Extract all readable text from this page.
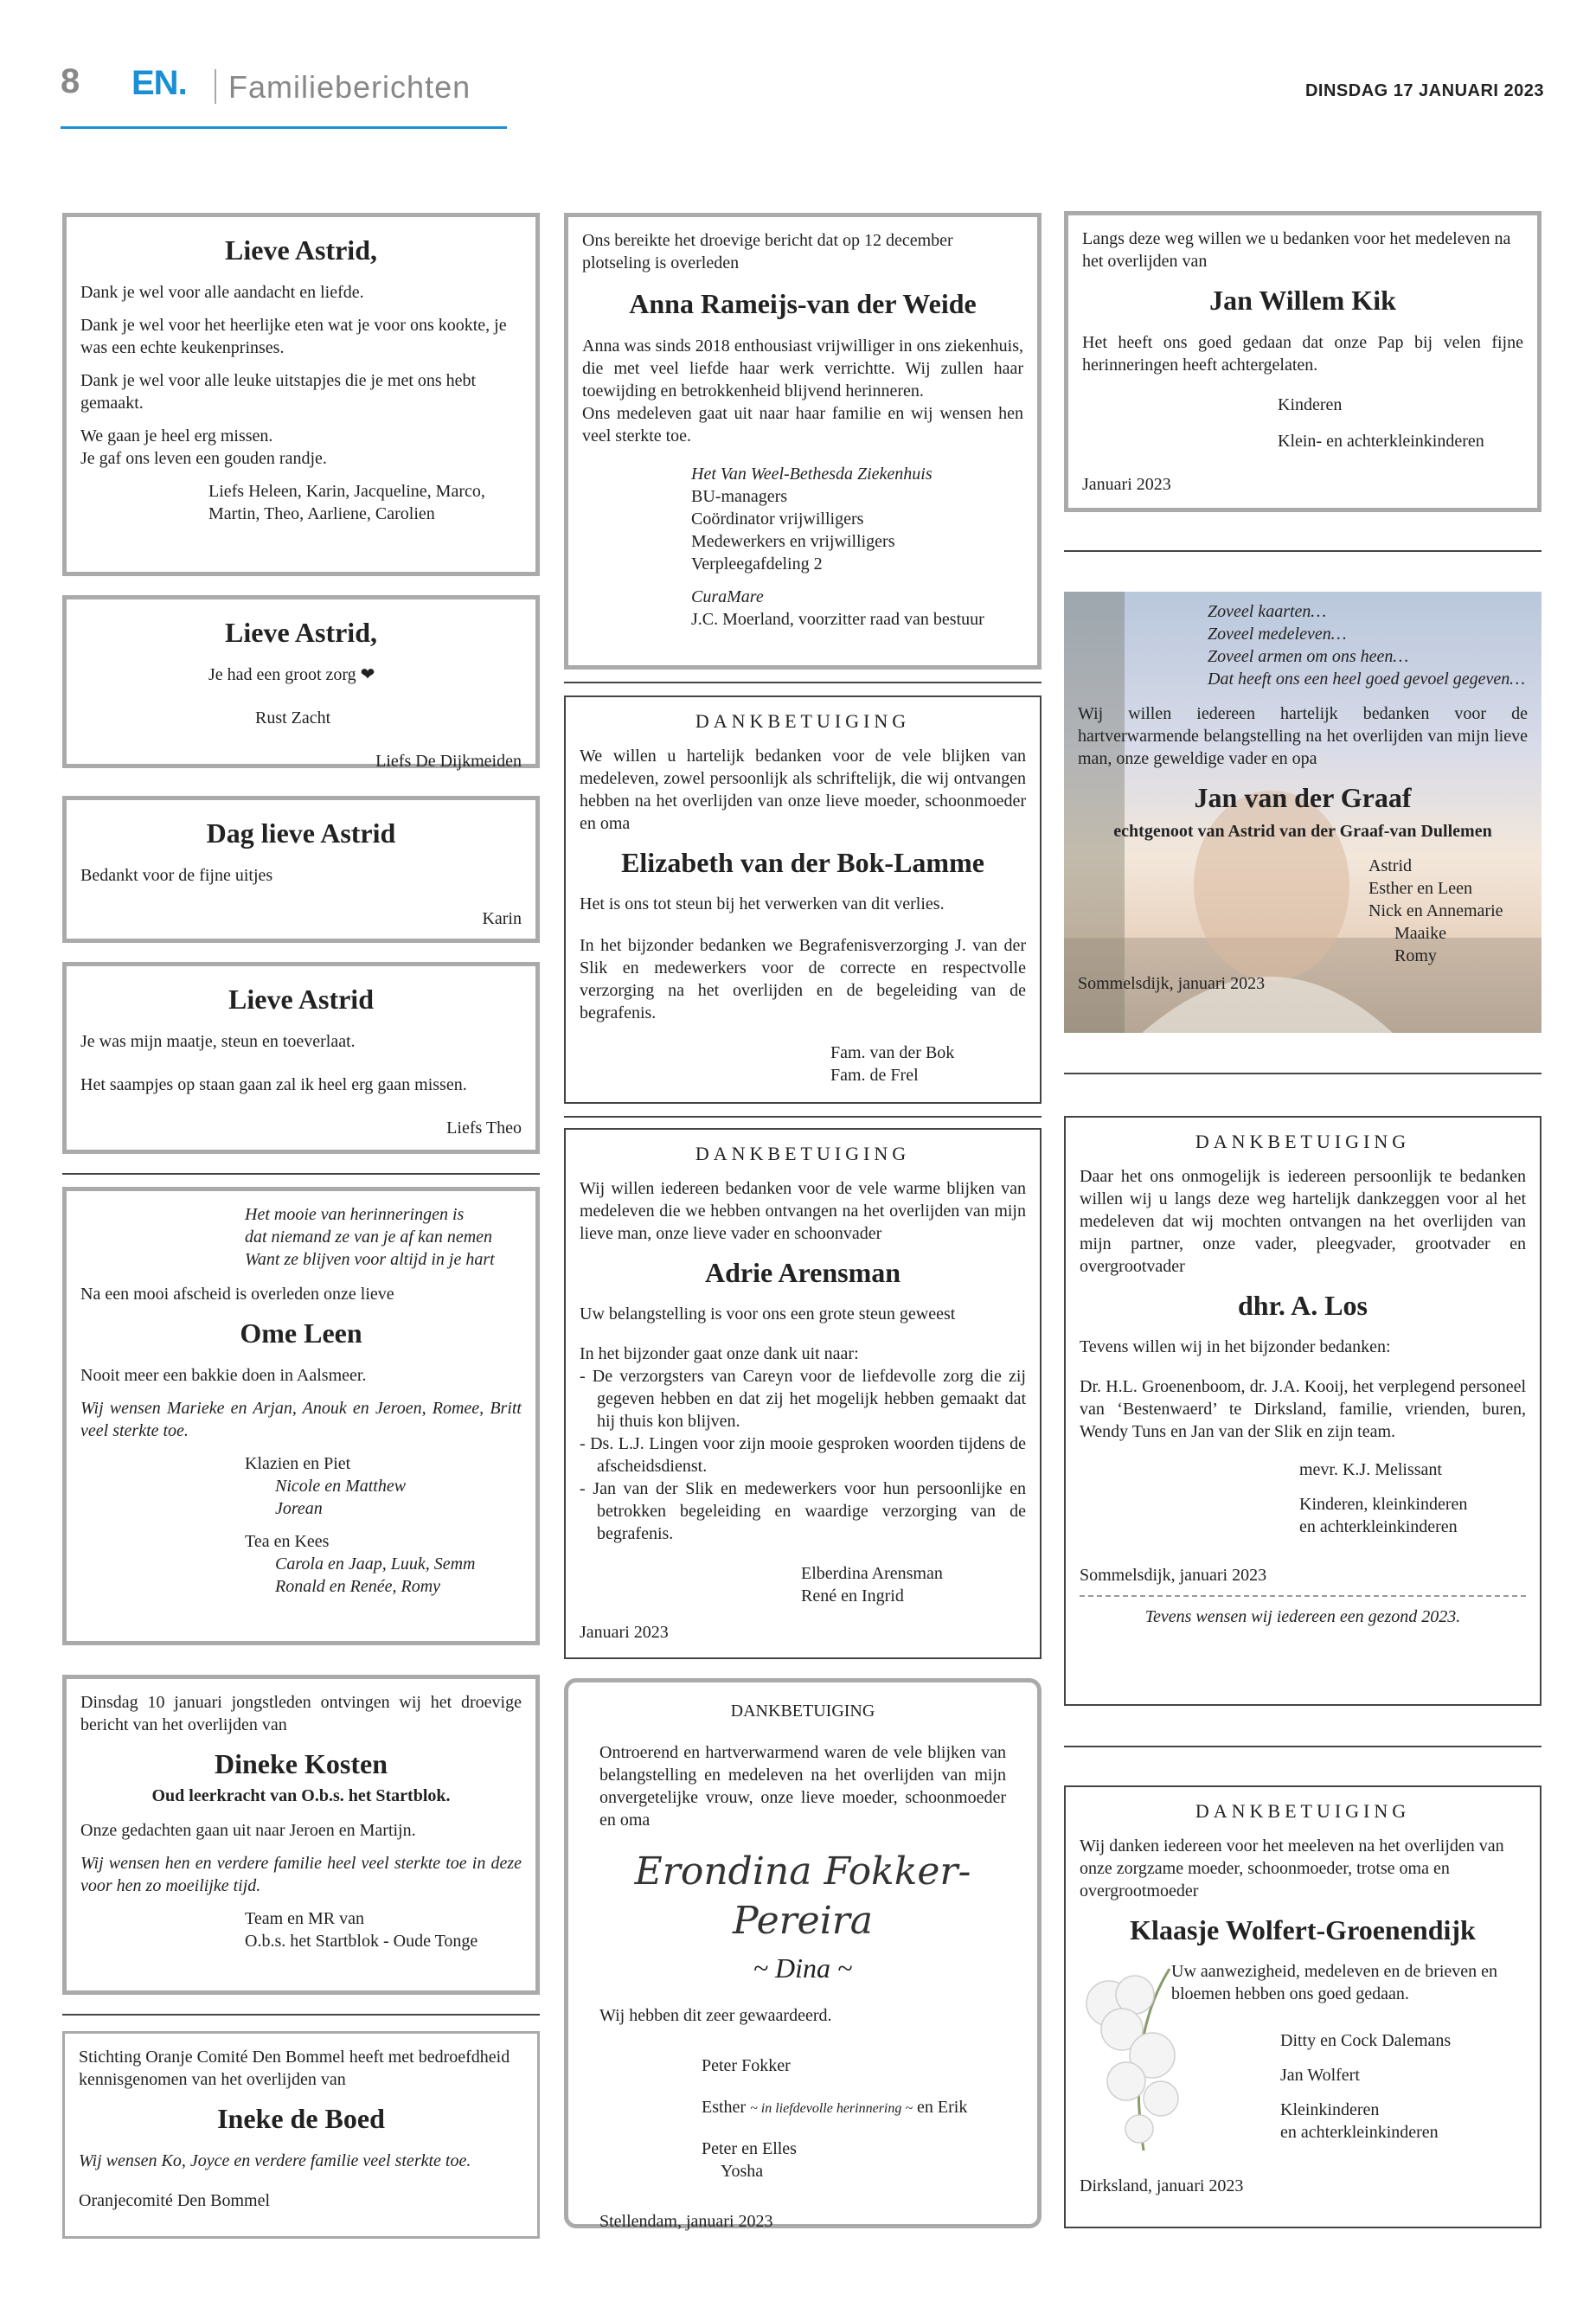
8 EN. Familieberichten	DINSDAG 17 JANUARI 2023
Lieve Astrid,

Dank je wel voor alle aandacht en liefde.

Dank je wel voor het heerlijke eten wat je voor ons kookte, je was een echte keukenprinses.

Dank je wel voor alle leuke uitstapjes die je met ons hebt gemaakt.

We gaan je heel erg missen.

Je gaf ons leven een gouden randje.

Liefs Heleen, Karin, Jacqueline, Marco, Martin, Theo, Aarliene, Carolien
Lieve Astrid,
Je had een groot zorg ❤
Rust Zacht
Liefs De Dijkmeiden
Dag lieve Astrid
Bedankt voor de fijne uitjes
Karin
Lieve Astrid

Je was mijn maatje, steun en toeverlaat.

Het saampjes op staan gaan zal ik heel erg gaan missen.

Liefs Theo
Het mooie van herinneringen is
dat niemand ze van je af kan nemen
Want ze blijven voor altijd in je hart

Na een mooi afscheid is overleden onze lieve

Ome Leen

Nooit meer een bakkie doen in Aalsmeer.

Wij wensen Marieke en Arjan, Anouk en Jeroen, Romee, Britt veel sterkte toe.

Klazien en Piet
Nicole en Matthew
Jorean
Tea en Kees
Carola en Jaap, Luuk, Semm
Ronald en Renée, Romy

Dinsdag 10 januari jongstleden ontvingen wij het droevige bericht van het overlijden van

Dineke Kosten
Oud leerkracht van O.b.s. het Startblok.

Onze gedachten gaan uit naar Jeroen en Martijn.

Wij wensen hen en verdere familie heel veel sterkte toe in deze voor hen zo moeilijke tijd.

Team en MR van
O.b.s. het Startblok - Oude Tonge

Stichting Oranje Comité Den Bommel heeft met bedroefdheid kennisgenomen van het overlijden van

Ineke de Boed

Wij wensen Ko, Joyce en verdere familie veel sterkte toe.

Oranjecomité Den Bommel

Ons bereikte het droevige bericht dat op 12 december plotseling is overleden

Anna Rameijs-van der Weide
Anna was sinds 2018 enthousiast vrijwilliger in ons ziekenhuis, die met veel liefde haar werk verrichtte. Wij zullen haar toewijding en betrokkenheid blijvend herinneren.

Ons medeleven gaat uit naar haar familie en wij wensen hen veel sterkte toe.

Het Van Weel-Bethesda Ziekenhuis
BU-managers
Coördinator vrijwilligers
Medewerkers en vrijwilligers
Verpleegafdeling 2
CuraMare
J.C. Moerland, voorzitter raad van bestuur
DANKBETUIGING

We willen u hartelijk bedanken voor de vele blijken van medeleven, zowel persoonlijk als schriftelijk, die wij ontvangen hebben na het overlijden van onze lieve moeder, schoonmoeder en oma

Elizabeth van der Bok-Lamme

Het is ons tot steun bij het verwerken van dit verlies.

In het bijzonder bedanken we Begrafenisverzorging J. van der Slik en medewerkers voor de correcte en respectvolle verzorging na het overlijden en de begeleiding van de begrafenis.

Fam. van der Bok
Fam. de Frel
DANKBETUIGING

Wij willen iedereen bedanken voor de vele warme blijken van medeleven die we hebben ontvangen na het overlijden van mijn lieve man, onze lieve vader en schoonvader

Adrie Arensman

Uw belangstelling is voor ons een grote steun geweest

In het bijzonder gaat onze dank uit naar:
- De verzorgsters van Careyn voor de liefdevolle zorg die zij gegeven hebben en dat zij het mogelijk hebben gemaakt dat hij thuis kon blijven.
- Ds. L.J. Lingen voor zijn mooie gesproken woorden tijdens de afscheidsdienst.
- Jan van der Slik en medewerkers voor hun persoonlijke en betrokken begeleiding en waardige verzorging van de begrafenis.
Elberdina Arensman
René en Ingrid
Januari 2023
DANKBETUIGING

Ontroerend en hartverwarmend waren de vele blijken van belangstelling en medeleven na het overlijden van mijn onvergetelijke vrouw, onze lieve moeder, schoonmoeder en oma

Erondina Fokker-Pereira
~ Dina ~

Wij hebben dit zeer gewaardeerd.

Peter Fokker
Esther ~ in liefdevolle herinnering ~ en Erik
Peter en Elles
Yosha
Stellendam, januari 2023

Langs deze weg willen we u bedanken voor het medeleven na het overlijden van

Jan Willem Kik

Het heeft ons goed gedaan dat onze Pap bij velen fijne herinneringen heeft achtergelaten.

Kinderen
Klein- en achterkleinkinderen
Januari 2023
Zoveel kaarten…
Zoveel medeleven…
Zoveel armen om ons heen…
Dat heeft ons een heel goed gevoel gegeven…

Wij willen iedereen hartelijk bedanken voor de hartverwarmende belangstelling na het overlijden van mijn lieve man, onze geweldige vader en opa

Jan van der Graaf
echtgenoot van Astrid van der Graaf-van Dullemen
Astrid
Esther en Leen
Nick en Annemarie
Maaike
Romy
Sommelsdijk, januari 2023
DANKBETUIGING

Daar het ons onmogelijk is iedereen persoonlijk te bedanken willen wij u langs deze weg hartelijk dankzeggen voor al het medeleven dat wij mochten ontvangen na het overlijden van mijn partner, onze vader, pleegvader, grootvader en overgrootvader

dhr. A. Los

Tevens willen wij in het bijzonder bedanken:

Dr. H.L. Groenenboom, dr. J.A. Kooij, het verplegend personeel van ‘Bestenwaerd’ te Dirksland, familie, vrienden, buren, Wendy Tuns en Jan van der Slik en zijn team.

mevr. K.J. Melissant
Kinderen, kleinkinderen
en achterkleinkinderen
Sommelsdijk, januari 2023
Tevens wensen wij iedereen een gezond 2023.
DANKBETUIGING

Wij danken iedereen voor het meeleven na het overlijden van onze zorgzame moeder, schoonmoeder, trotse oma en overgrootmoeder

Klaasje Wolfert-Groenendijk
Uw aanwezigheid, medeleven en de brieven en bloemen hebben ons goed gedaan.
Ditty en Cock Dalemans
Jan Wolfert
Kleinkinderen
en achterkleinkinderen
Dirksland, januari 2023
